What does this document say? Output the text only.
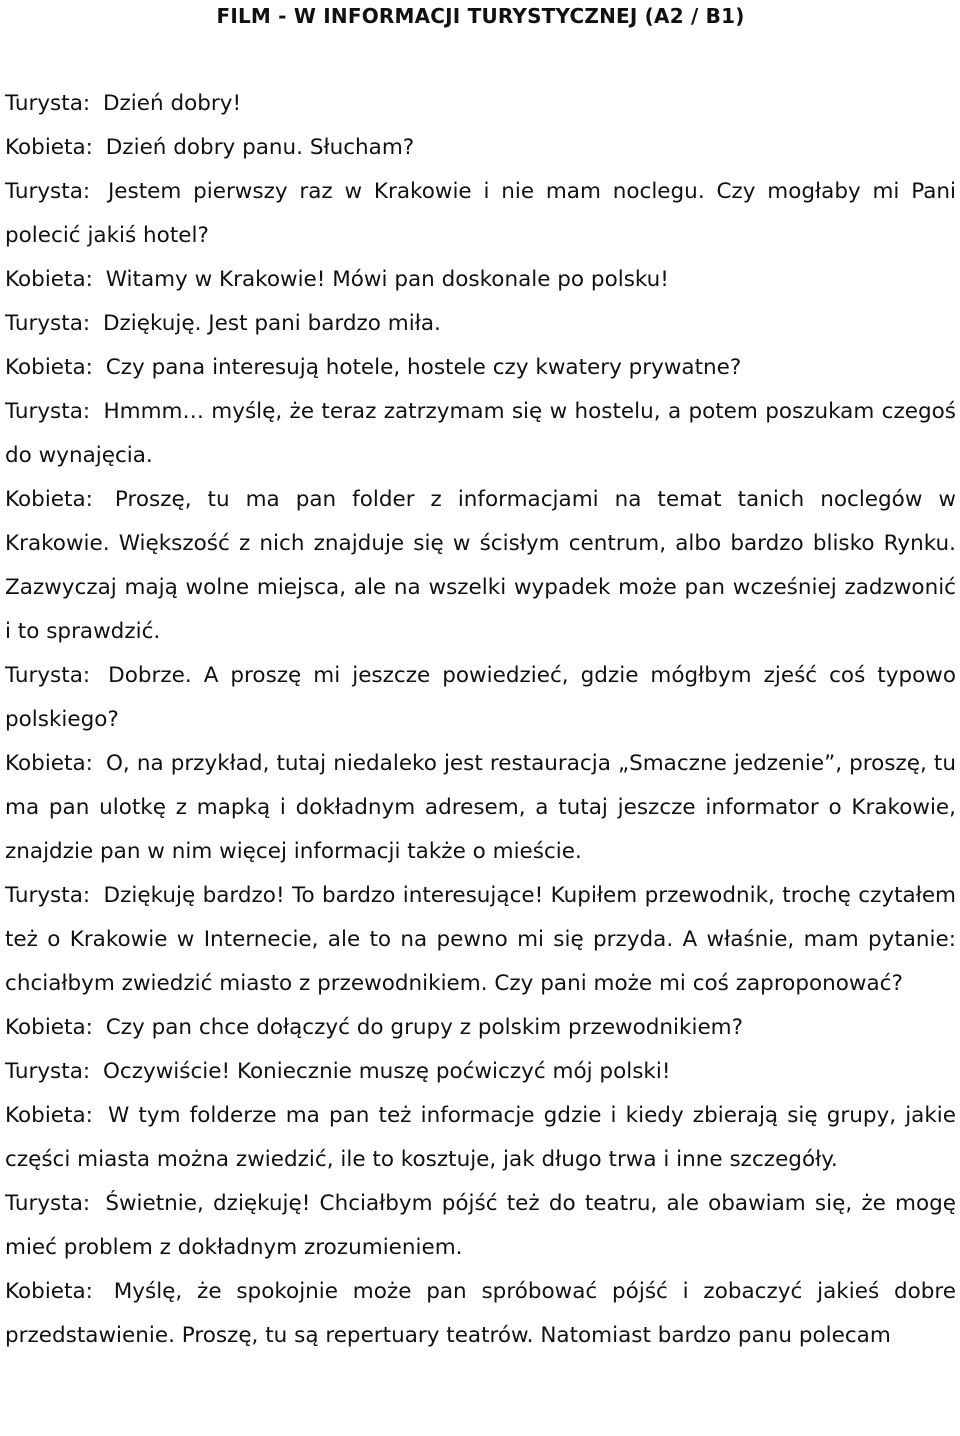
FILM - W INFORMACJI TURYSTYCZNEJ (A2 / B1)
Turysta: Dzień dobry!
Kobieta: Dzień dobry panu. Słucham?
Turysta: Jestem pierwszy raz w Krakowie i nie mam noclegu. Czy mogłaby mi Pani polecić jakiś hotel?
Kobieta: Witamy w Krakowie! Mówi pan doskonale po polsku!
Turysta: Dziękuję. Jest pani bardzo miła.
Kobieta: Czy pana interesują hotele, hostele czy kwatery prywatne?
Turysta: Hmmm… myślę, że teraz zatrzymam się w hostelu, a potem poszukam czegoś do wynajęcia.
Kobieta: Proszę, tu ma pan folder z informacjami na temat tanich noclegów w Krakowie. Większość z nich znajduje się w ścisłym centrum, albo bardzo blisko Rynku. Zazwyczaj mają wolne miejsca, ale na wszelki wypadek może pan wcześniej zadzwonić i to sprawdzić.
Turysta: Dobrze. A proszę mi jeszcze powiedzieć, gdzie mógłbym zjeść coś typowo polskiego?
Kobieta: O, na przykład, tutaj niedaleko jest restauracja „Smaczne jedzenie”, proszę, tu ma pan ulotkę z mapką i dokładnym adresem, a tutaj jeszcze informator o Krakowie, znajdzie pan w nim więcej informacji także o mieście.
Turysta: Dziękuję bardzo! To bardzo interesujące! Kupiłem przewodnik, trochę czytałem też o Krakowie w Internecie, ale to na pewno mi się przyda. A właśnie, mam pytanie: chciałbym zwiedzić miasto z przewodnikiem. Czy pani może mi coś zaproponować?
Kobieta: Czy pan chce dołączyć do grupy z polskim przewodnikiem?
Turysta: Oczywiście! Koniecznie muszę poćwiczyć mój polski!
Kobieta: W tym folderze ma pan też informacje gdzie i kiedy zbierają się grupy, jakie części miasta można zwiedzić, ile to kosztuje, jak długo trwa i inne szczegóły.
Turysta: Świetnie, dziękuję! Chciałbym pójść też do teatru, ale obawiam się, że mogę mieć problem z dokładnym zrozumieniem.
Kobieta: Myślę, że spokojnie może pan spróbować pójść i zobaczyć jakieś dobre przedstawienie. Proszę, tu są repertuary teatrów. Natomiast bardzo panu polecam
